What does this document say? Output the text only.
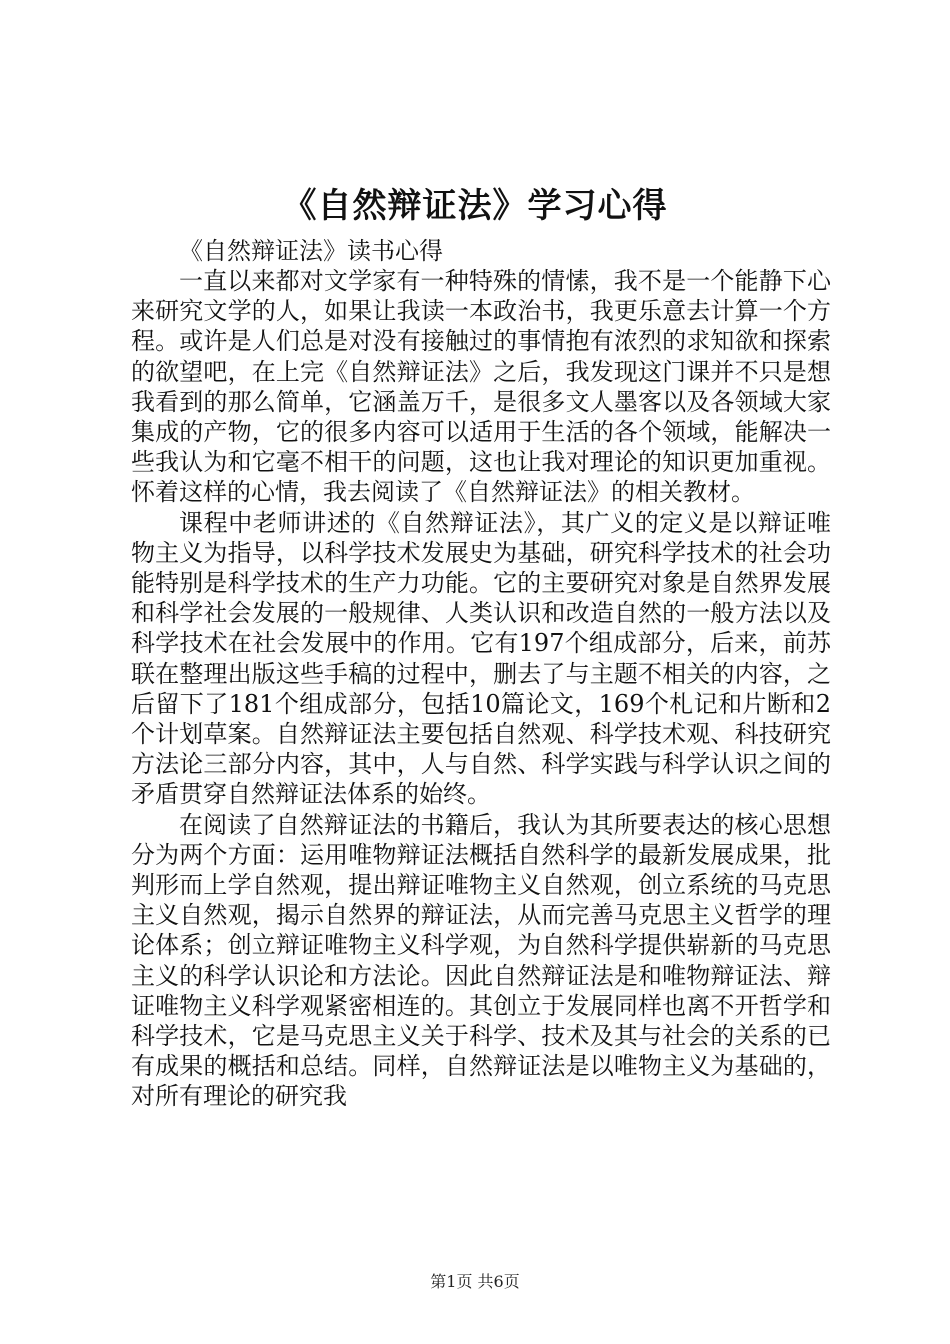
《自然辩证法》学习心得

《自然辩证法》读书心得

一直以来都对文学家有一种特殊的情愫，我不是一个能静下心来研究文学的人，如果让我读一本政治书，我更乐意去计算一个方程。或许是人们总是对没有接触过的事情抱有浓烈的求知欲和探索的欲望吧，在上完《自然辩证法》之后，我发现这门课并不只是想我看到的那么简单，它涵盖万千，是很多文人墨客以及各领域大家集成的产物，它的很多内容可以适用于生活的各个领域，能解决一些我认为和它毫不相干的问题，这也让我对理论的知识更加重视。怀着这样的心情，我去阅读了《自然辩证法》的相关教材。

课程中老师讲述的《自然辩证法》，其广义的定义是以辩证唯物主义为指导，以科学技术发展史为基础，研究科学技术的社会功能特别是科学技术的生产力功能。它的主要研究对象是自然界发展和科学社会发展的一般规律、人类认识和改造自然的一般方法以及科学技术在社会发展中的作用。它有197个组成部分，后来，前苏联在整理出版这些手稿的过程中，删去了与主题不相关的内容，之后留下了181个组成部分，包括10篇论文，169个札记和片断和2个计划草案。自然辩证法主要包括自然观、科学技术观、科技研究方法论三部分内容，其中，人与自然、科学实践与科学认识之间的矛盾贯穿自然辩证法体系的始终。

在阅读了自然辩证法的书籍后，我认为其所要表达的核心思想分为两个方面：运用唯物辩证法概括自然科学的最新发展成果，批判形而上学自然观，提出辩证唯物主义自然观，创立系统的马克思主义自然观，揭示自然界的辩证法，从而完善马克思主义哲学的理论体系；创立辩证唯物主义科学观，为自然科学提供崭新的马克思主义的科学认识论和方法论。因此自然辩证法是和唯物辩证法、辩证唯物主义科学观紧密相连的。其创立于发展同样也离不开哲学和科学技术，它是马克思主义关于科学、技术及其与社会的关系的已有成果的概括和总结。同样，自然辩证法是以唯物主义为基础的，对所有理论的研究我

第1页 共6页
